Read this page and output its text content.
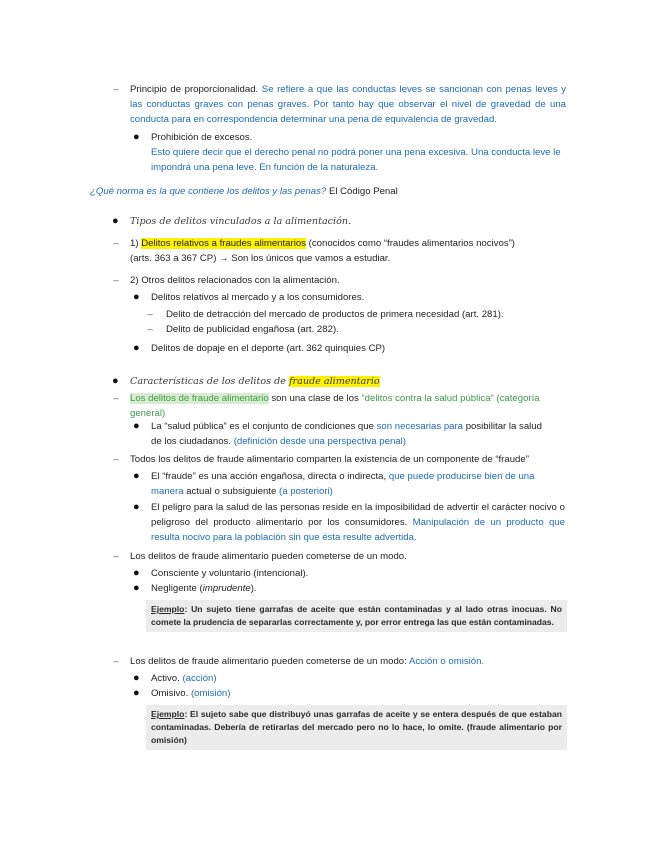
– Principio de proporcionalidad. Se refiere a que las conductas leves se sancionan con penas leves y las conductas graves con penas graves. Por tanto hay que observar el nivel de gravedad de una conducta para en correspondencia determinar una pena de equivalencia de gravedad.
● Prohibición de excesos.
Esto quiere decir que el derecho penal no podrá poner una pena excesiva. Una conducta leve le impondrá una pena leve. En función de la naturaleza.
¿Qué norma es la que contiene los delitos y las penas? El Código Penal
● Tipos de delitos vinculados a la alimentación.
– 1) Delitos relativos a fraudes alimentarios (conocidos como “fraudes alimentarios nocivos”)
(arts. 363 a 367 CP) → Son los únicos que vamos a estudiar.
– 2) Otros delitos relacionados con la alimentación.
● Delitos relativos al mercado y a los consumidores.
– Delito de detracción del mercado de productos de primera necesidad (art. 281).
– Delito de publicidad engañosa (art. 282).
● Delitos de dopaje en el deporte (art. 362 quinquies CP)
● Características de los delitos de fraude alimentario
– Los delitos de fraude alimentario son una clase de los “delitos contra la salud pública” (categoría general)
● La “salud pública” es el conjunto de condiciones que son necesarias para posibilitar la salud
de los ciudadanos. (definición desde una perspectiva penal)
– Todos los delitos de fraude alimentario comparten la existencia de un componente de “fraude”
● El “fraude” es una acción engañosa, directa o indirecta, que puede producirse bien de una
manera actual o subsiguiente (a posteriori)
● El peligro para la salud de las personas reside en la imposibilidad de advertir el carácter nocivo o peligroso del producto alimentario por los consumidores. Manipulación de un producto que resulta nocivo para la población sin que ésta resulte advertida.
– Los delitos de fraude alimentario pueden cometerse de un modo.
● Consciente y voluntario (intencional).
● Negligente (imprudente).
Ejemplo: Un sujeto tiene garrafas de aceite que están contaminadas y al lado otras inocuas. No comete la prudencia de separarlas correctamente y, por error entrega las que están contaminadas.
– Los delitos de fraude alimentario pueden cometerse de un modo: Acción o omisión.
● Activo. (acción)
● Omisivo. (omisión)
Ejemplo: El sujeto sabe que distribuyó unas garrafas de aceite y se entera después de que estaban contaminadas. Debería de retirarlas del mercado pero no lo hace, lo omite. (fraude alimentario por omisión)
